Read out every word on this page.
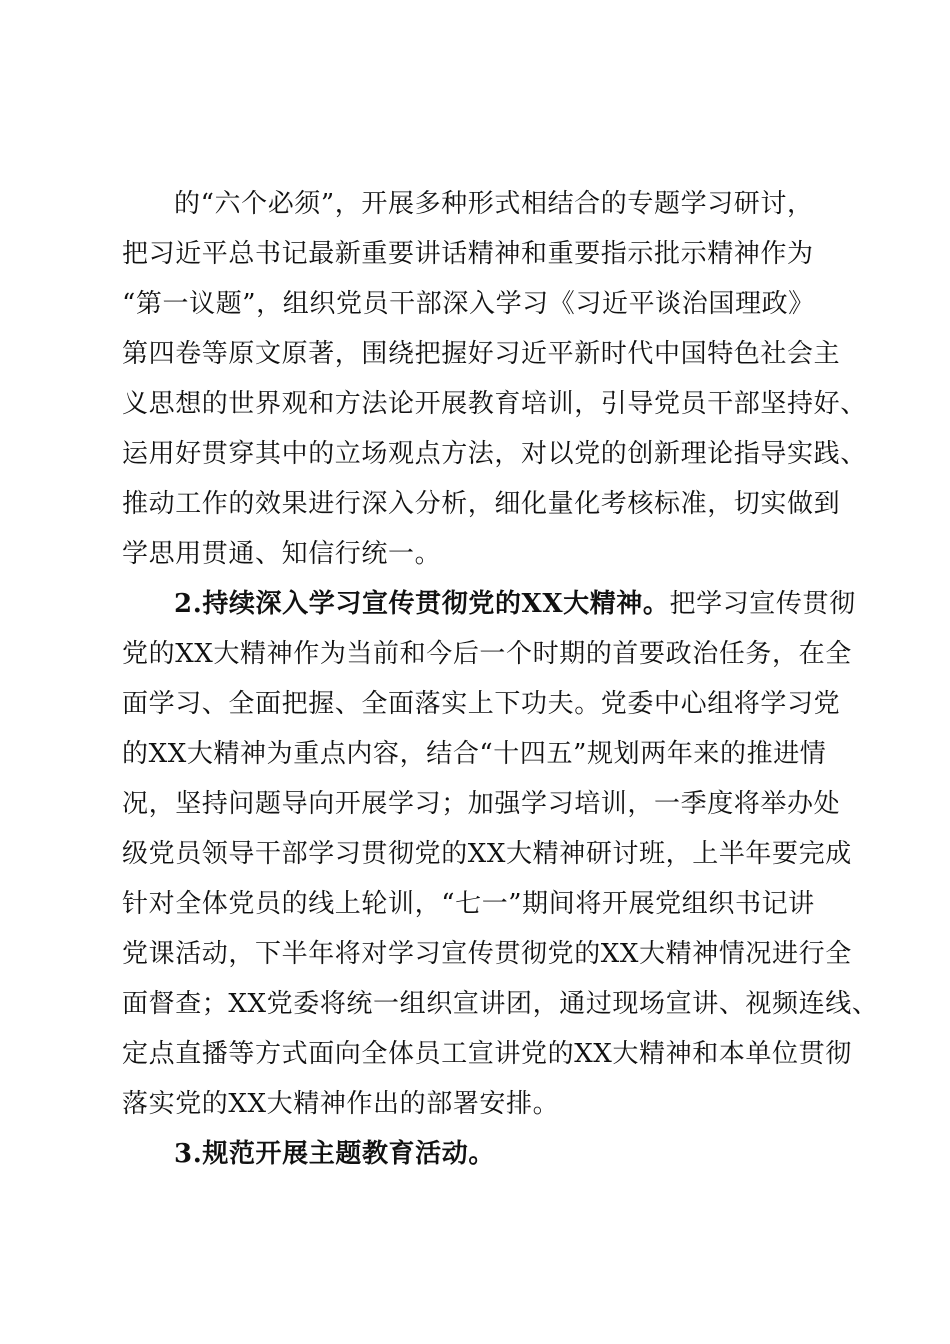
的“六个必须”，开展多种形式相结合的专题学习研讨，
把习近平总书记最新重要讲话精神和重要指示批示精神作为
“第一议题”，组织党员干部深入学习《习近平谈治国理政》
第四卷等原文原著，围绕把握好习近平新时代中国特色社会主
义思想的世界观和方法论开展教育培训，引导党员干部坚持好、
运用好贯穿其中的立场观点方法，对以党的创新理论指导实践、
推动工作的效果进行深入分析，细化量化考核标准，切实做到
学思用贯通、知信行统一。
2.持续深入学习宣传贯彻党的XX大精神。把学习宣传贯彻
党的XX大精神作为当前和今后一个时期的首要政治任务，在全
面学习、全面把握、全面落实上下功夫。党委中心组将学习党
的XX大精神为重点内容，结合“十四五”规划两年来的推进情
况，坚持问题导向开展学习；加强学习培训，一季度将举办处
级党员领导干部学习贯彻党的XX大精神研讨班，上半年要完成
针对全体党员的线上轮训，“七一”期间将开展党组织书记讲
党课活动，下半年将对学习宣传贯彻党的XX大精神情况进行全
面督查；XX党委将统一组织宣讲团，通过现场宣讲、视频连线、
定点直播等方式面向全体员工宣讲党的XX大精神和本单位贯彻
落实党的XX大精神作出的部署安排。
3.规范开展主题教育活动。
